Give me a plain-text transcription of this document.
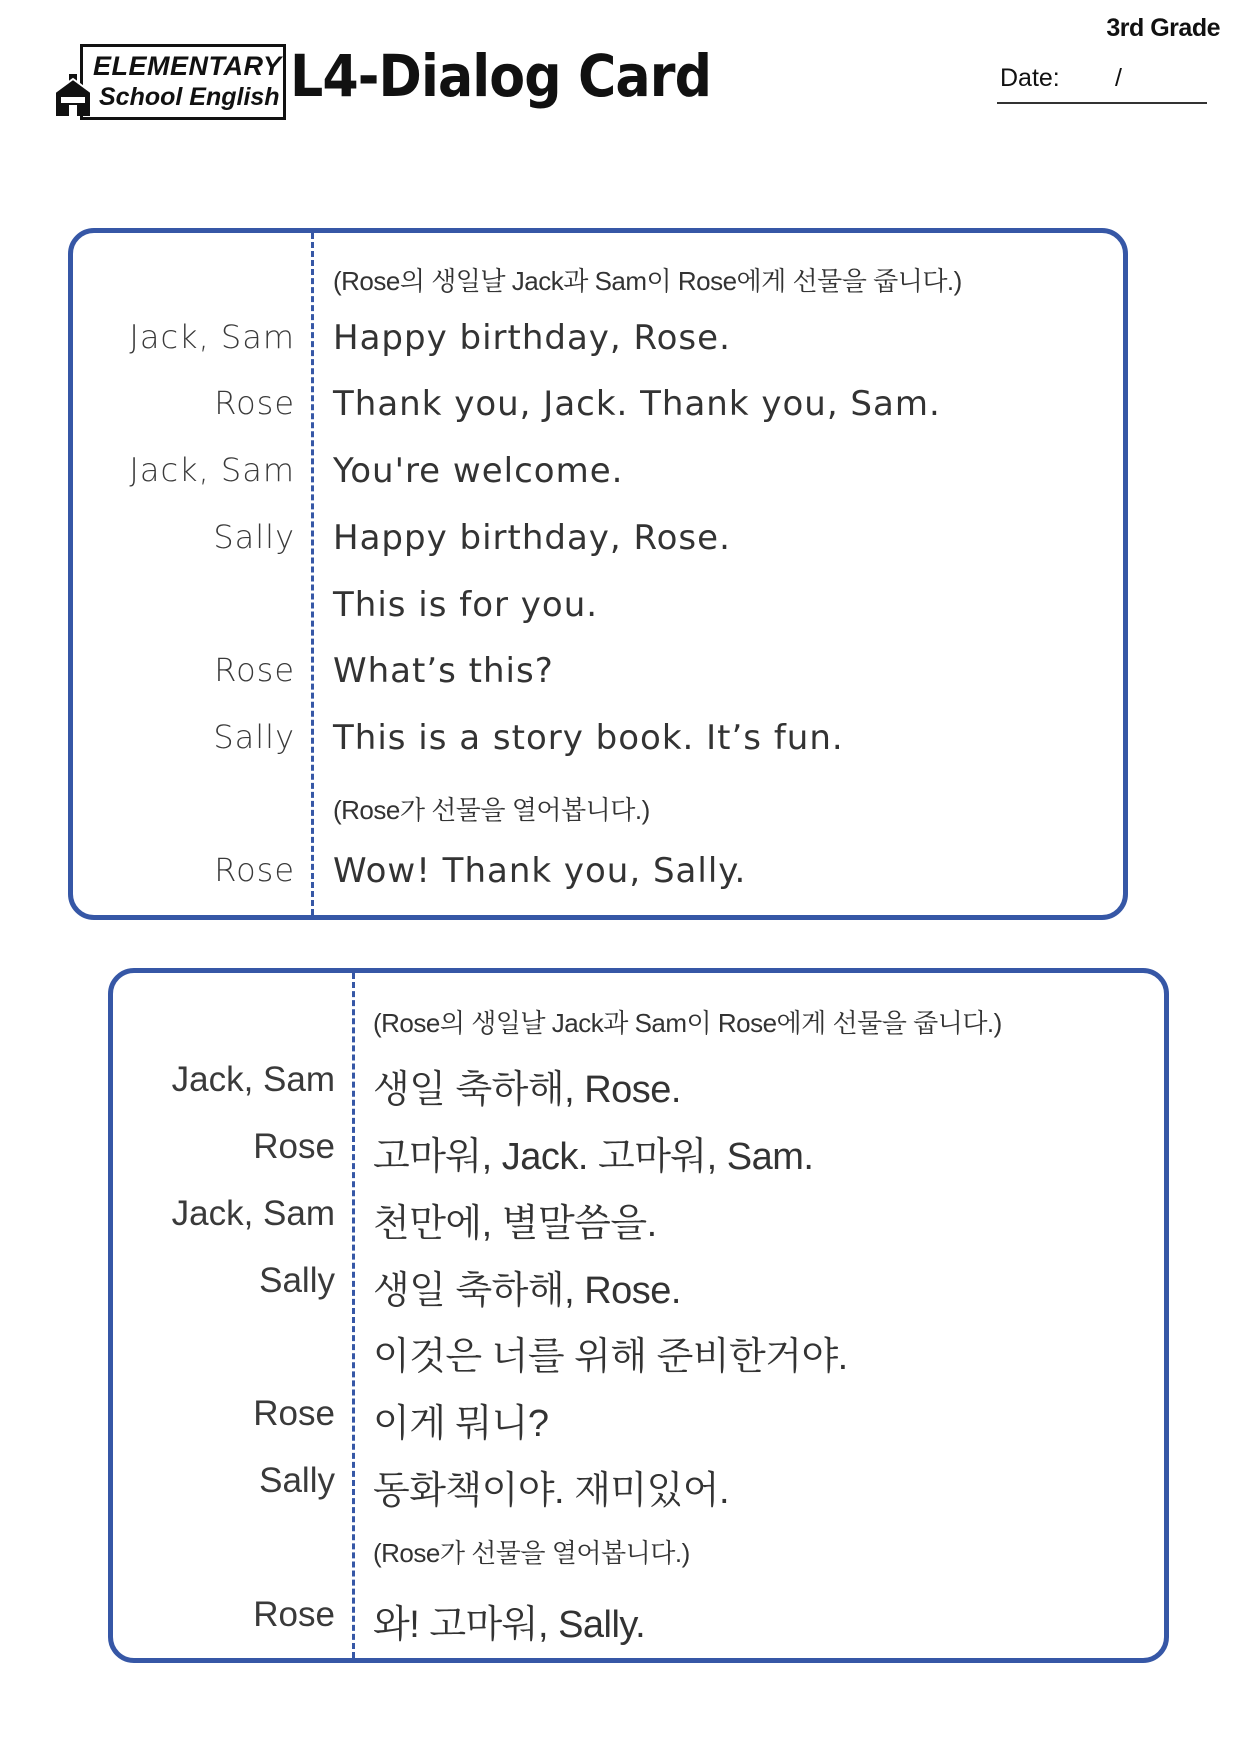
3rd Grade
ELEMENTARY
School English L4-Dialog Card	Date: /
(Rose의 생일날 Jack과 Sam이 Rose에게 선물을 줍니다.)
Jack, Sam Happy birthday, Rose.
Rose Thank you, Jack. Thank you, Sam.
Jack, Sam You're welcome.
Sally Happy birthday, Rose.
This is for you.
Rose What’s this?
Sally This is a story book. It’s fun.
(Rose가 선물을 열어봅니다.)
Rose Wow! Thank you, Sally.
(Rose의 생일날 Jack과 Sam이 Rose에게 선물을 줍니다.)
Jack, Sam 생일 축하해, Rose.
Rose 고마워, Jack. 고마워, Sam.
Jack, Sam 천만에, 별말씀을.
Sally 생일 축하해, Rose.
이것은 너를 위해 준비한거야.
Rose 이게 뭐니?
Sally 동화책이야. 재미있어.
(Rose가 선물을 열어봅니다.)
Rose 와! 고마워, Sally.
